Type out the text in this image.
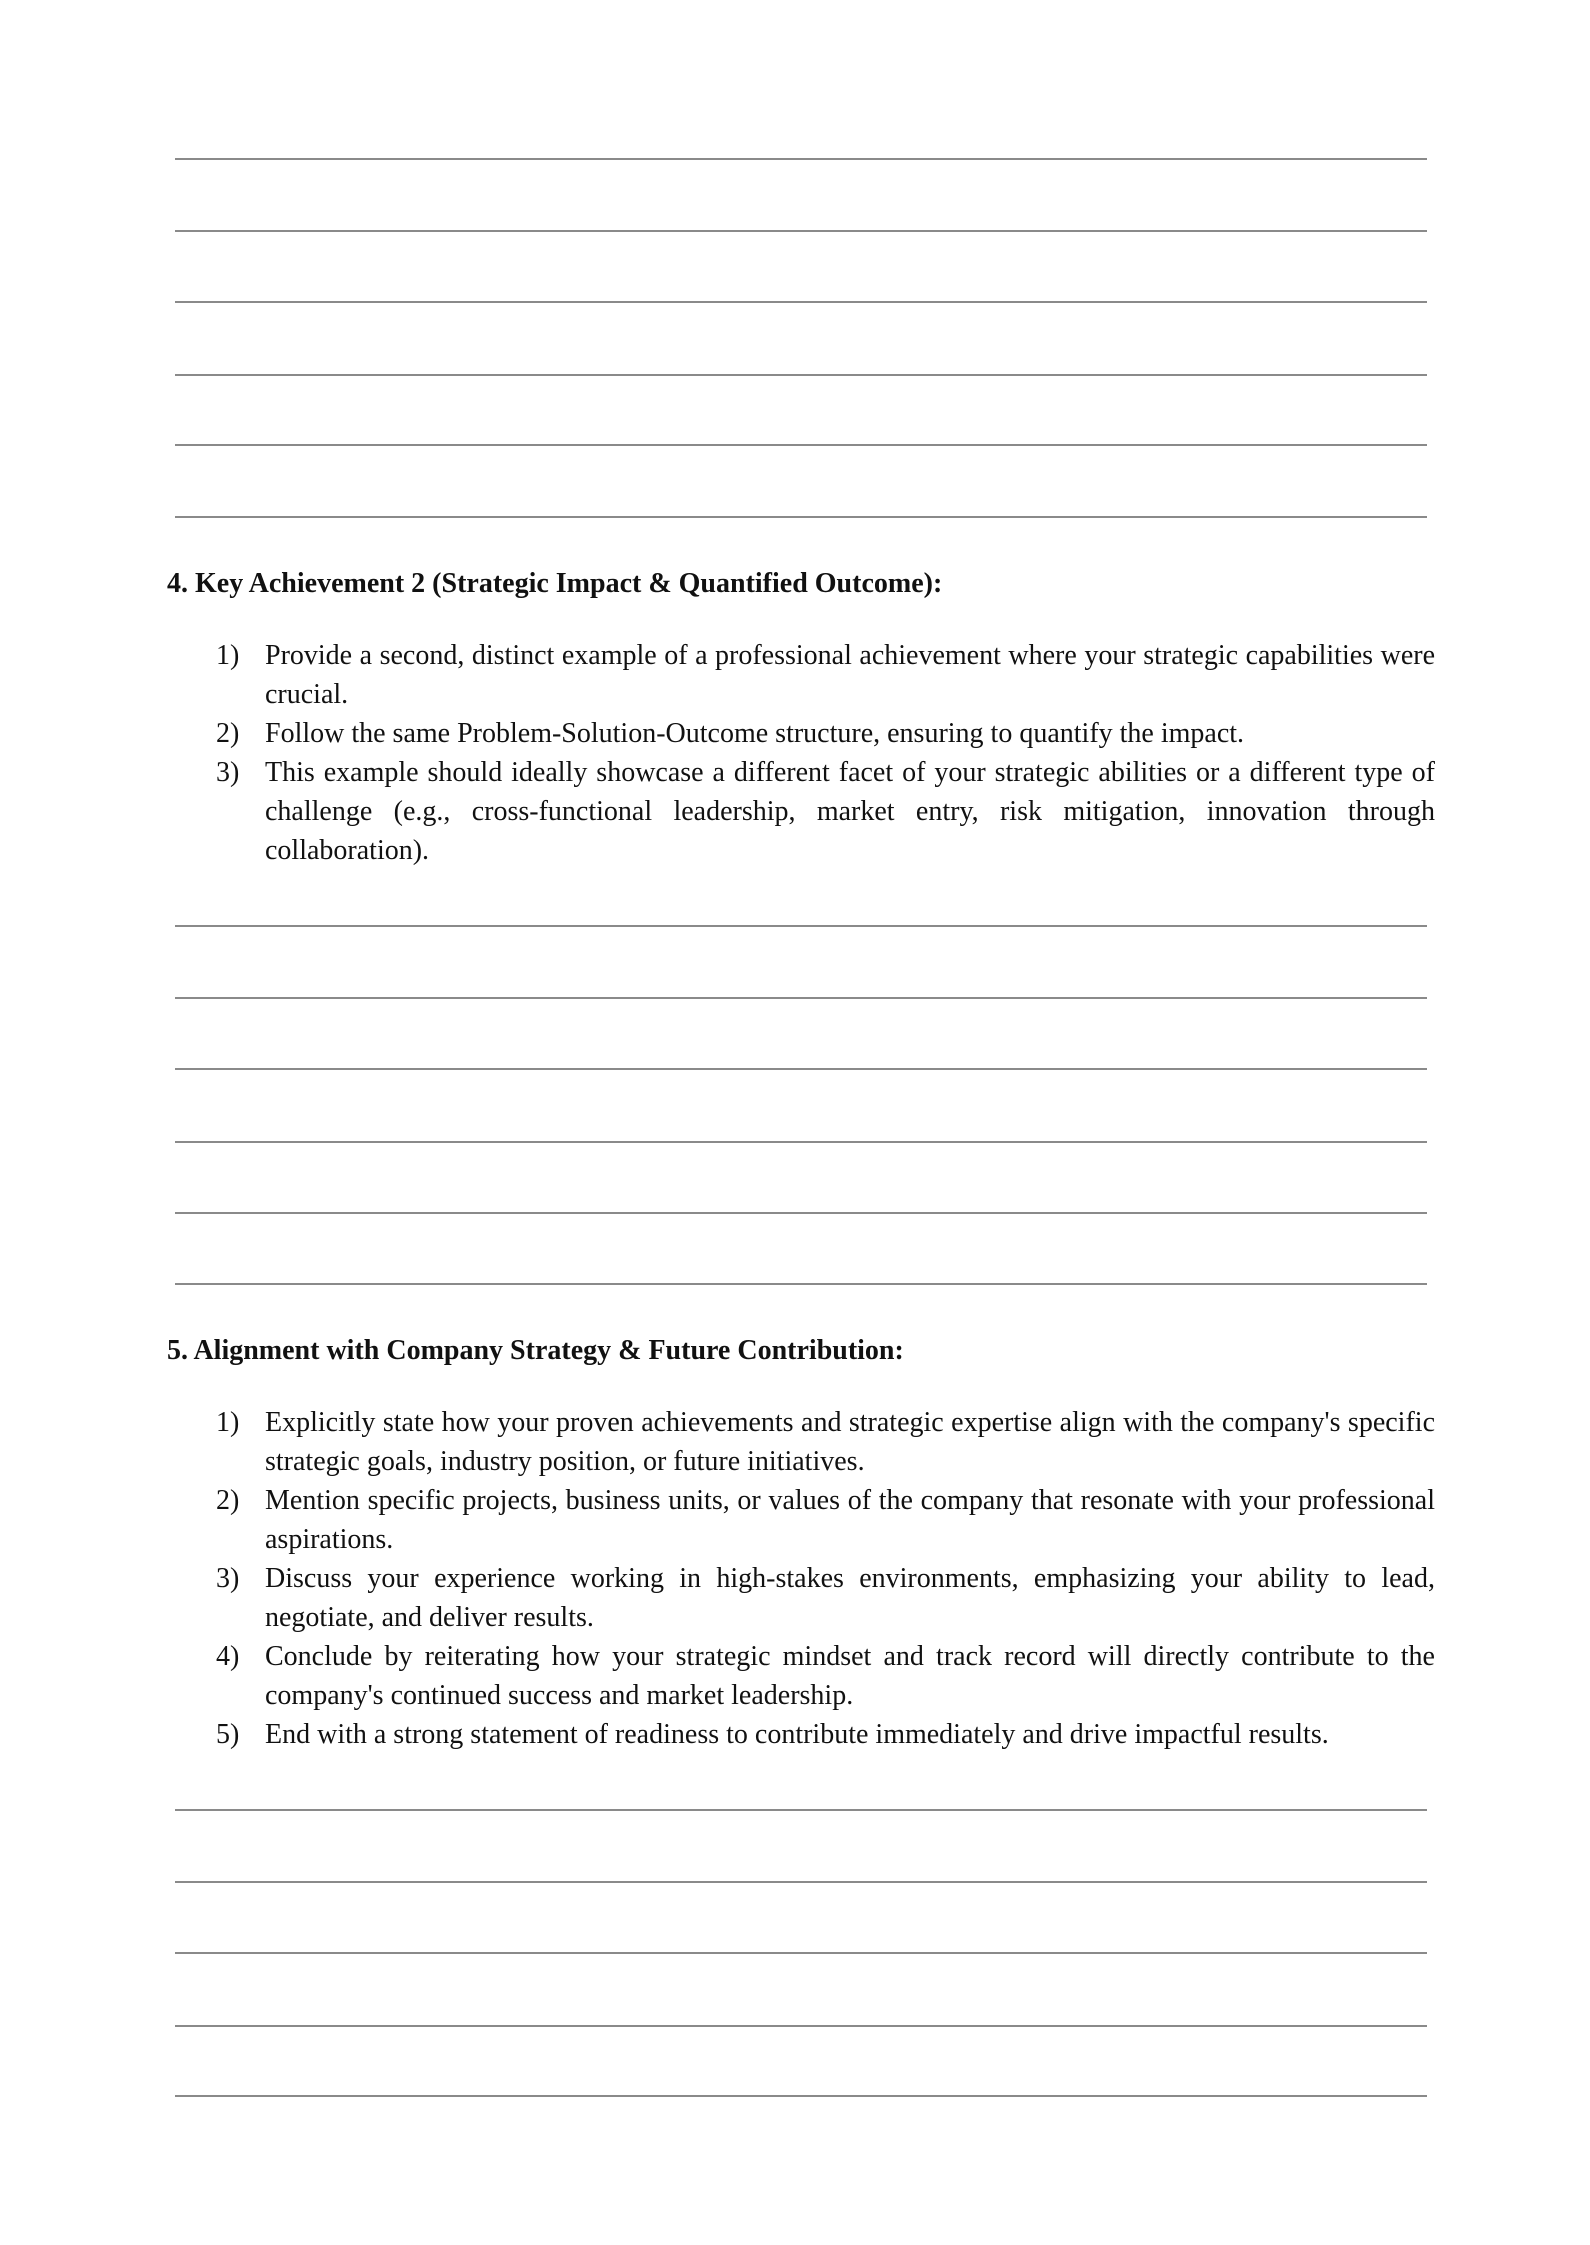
4. Key Achievement 2 (Strategic Impact & Quantified Outcome):
1) Provide a second, distinct example of a professional achievement where your strategic capabilities were crucial.
2) Follow the same Problem-Solution-Outcome structure, ensuring to quantify the impact.
3) This example should ideally showcase a different facet of your strategic abilities or a different type of challenge (e.g., cross-functional leadership, market entry, risk mitigation, innovation through collaboration).
5. Alignment with Company Strategy & Future Contribution:
1) Explicitly state how your proven achievements and strategic expertise align with the company's specific strategic goals, industry position, or future initiatives.
2) Mention specific projects, business units, or values of the company that resonate with your professional aspirations.
3) Discuss your experience working in high-stakes environments, emphasizing your ability to lead, negotiate, and deliver results.
4) Conclude by reiterating how your strategic mindset and track record will directly contribute to the company's continued success and market leadership.
5) End with a strong statement of readiness to contribute immediately and drive impactful results.
